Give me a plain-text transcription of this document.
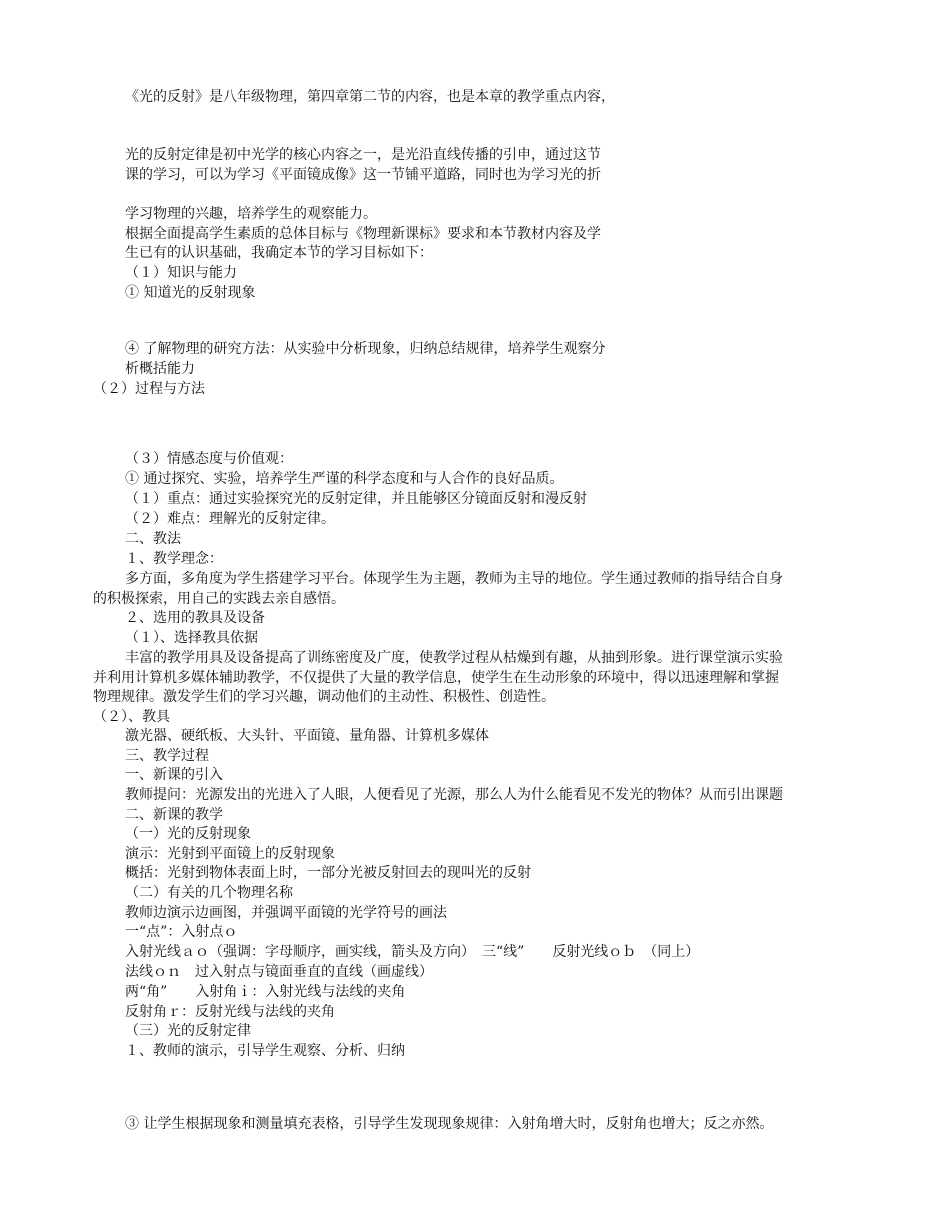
《光的反射》是八年级物理，第四章第二节的内容，也是本章的教学重点内容，
光的反射定律是初中光学的核心内容之一，是光沿直线传播的引申，通过这节
课的学习，可以为学习《平面镜成像》这一节铺平道路，同时也为学习光的折
学习物理的兴趣，培养学生的观察能力。
根据全面提高学生素质的总体目标与《物理新课标》要求和本节教材内容及学
生已有的认识基础，我确定本节的学习目标如下：
（１）知识与能力
① 知道光的反射现象
④ 了解物理的研究方法：从实验中分析现象，归纳总结规律，培养学生观察分
析概括能力
（２）过程与方法
（３）情感态度与价值观：
① 通过探究、实验，培养学生严谨的科学态度和与人合作的良好品质。
（１）重点：通过实验探究光的反射定律，并且能够区分镜面反射和漫反射
（２）难点：理解光的反射定律。
二、教法
１、教学理念：
多方面，多角度为学生搭建学习平台。体现学生为主题，教师为主导的地位。学生通过教师的指导结合自身
的积极探索，用自己的实践去亲自感悟。
２、选用的教具及设备
（１）、选择教具依据
丰富的教学用具及设备提高了训练密度及广度，使教学过程从枯燥到有趣，从抽到形象。进行课堂演示实验
并利用计算机多媒体辅助教学，不仅提供了大量的教学信息，使学生在生动形象的环境中，得以迅速理解和掌握
物理规律。激发学生们的学习兴趣，调动他们的主动性、积极性、创造性。
（２）、教具
激光器、硬纸板、大头针、平面镜、量角器、计算机多媒体
三、教学过程
一、新课的引入
教师提问：光源发出的光进入了人眼，人便看见了光源，那么人为什么能看见不发光的物体？从而引出课题
二、新课的教学
（一）光的反射现象
演示：光射到平面镜上的反射现象
概括：光射到物体表面上时，一部分光被反射回去的现叫光的反射
（二）有关的几个物理名称
教师边演示边画图，并强调平面镜的光学符号的画法
一“点”：入射点ｏ
入射光线ａｏ（强调：字母顺序，画实线，箭头及方向）　三“线”　　反射光线ｏｂ　（同上）
法线ｏｎ　过入射点与镜面垂直的直线（画虚线）
两“角”　　入射角ｉ：入射光线与法线的夹角
反射角ｒ：反射光线与法线的夹角
（三）光的反射定律
１、教师的演示，引导学生观察、分析、归纳
③ 让学生根据现象和测量填充表格，引导学生发现现象规律：入射角增大时，反射角也增大；反之亦然。
